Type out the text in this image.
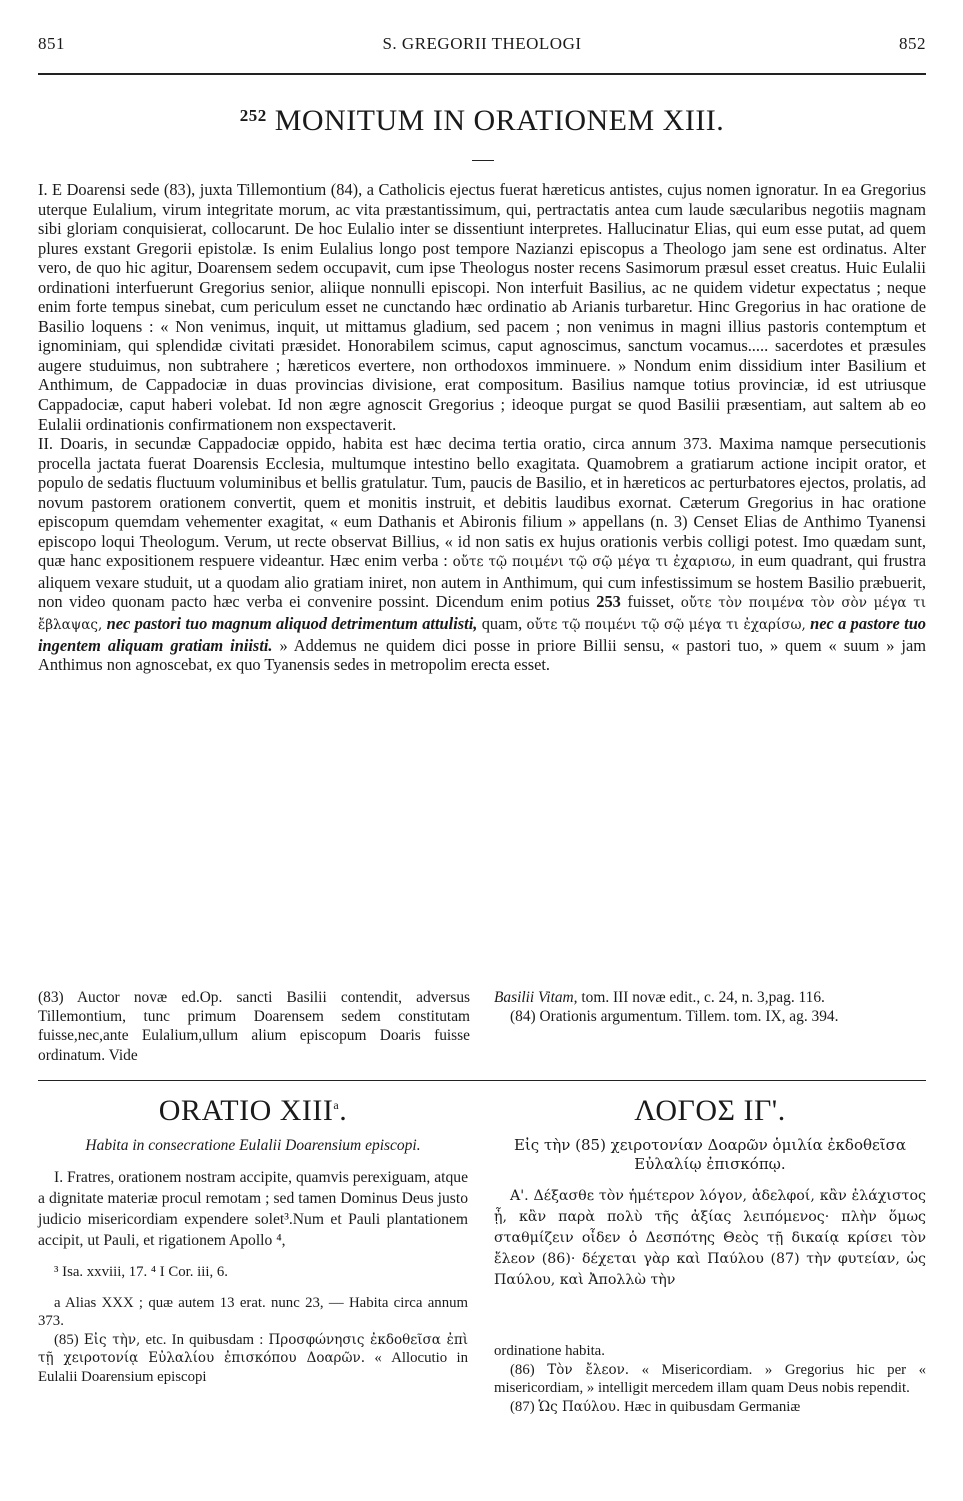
851	S. GREGORII THEOLOGI	852
$^{252}$ MONITUM IN ORATIONEM XIII.

I. E Doarensi sede (83), juxta Tillemontium (84), a Catholicis ejectus fuerat hæreticus antistes, cujus nomen ignoratur. In ea Gregorius uterque Eulalium, virum integritate morum, ac vita præstantissimum, qui, pertractatis antea cum laude sæcularibus negotiis magnam sibi gloriam conquisierat, collocarunt. De hoc Eulalio inter se dissentiunt interpretes. Hallucinatur Elias, qui eum esse putat, ad quem plures exstant Gregorii epistolæ. Is enim Eulalius longo post tempore Nazianzi episcopus a Theologo jam sene est ordinatus. Alter vero, de quo hic agitur, Doarensem sedem occupavit, cum ipse Theologus noster recens Sasimorum præsul esset creatus. Huic Eulalii ordinationi interfuerunt Gregorius senior, aliique nonnulli episcopi. Non interfuit Basilius, ac ne quidem videtur expectatus ; neque enim forte tempus sinebat, cum periculum esset ne cunctando hæc ordinatio ab Arianis turbaretur. Hinc Gregorius in hac oratione de Basilio loquens : « Non venimus, inquit, ut mittamus gladium, sed pacem ; non venimus in magni illius pastoris contemptum et ignominiam, qui splendidæ civitati præsidet. Honorabilem scimus, caput agnoscimus, sanctum vocamus..... sacerdotes et præsules augere studuimus, non subtrahere ; hæreticos evertere, non orthodoxos imminuere. » Nondum enim dissidium inter Basilium et Anthimum, de Cappadociæ in duas provincias divisione, erat compositum. Basilius namque totius provinciæ, id est utriusque Cappadociæ, caput haberi volebat. Id non ægre agnoscit Gregorius ; ideoque purgat se quod Basilii præsentiam, aut saltem ab eo Eulalii ordinationis confirmationem non exspectaverit.

II. Doaris, in secundæ Cappadociæ oppido, habita est hæc decima tertia oratio, circa annum 373. Maxima namque persecutionis procella jactata fuerat Doarensis Ecclesia, multumque intestino bello exagitata. Quamobrem a gratiarum actione incipit orator, et populo de sedatis fluctuum voluminibus et bellis gratulatur. Tum, paucis de Basilio, et in hæreticos ac perturbatores ejectos, prolatis, ad novum pastorem orationem convertit, quem et monitis instruit, et debitis laudibus exornat. Cæterum Gregorius in hac oratione episcopum quemdam vehementer exagitat, « eum Dathanis et Abironis filium » appellans (n. 3) Censet Elias de Anthimo Tyanensi episcopo loqui Theologum. Verum, ut recte observat Billius, « id non satis ex hujus orationis verbis colligi potest. Imo quædam sunt, quæ hanc expositionem respuere videantur. Hæc enim verba : οὔτε τῷ ποιμένι τῷ σῷ μέγα τι ἐχαρισω, in eum quadrant, qui frustra aliquem vexare studuit, ut a quodam alio gratiam iniret, non autem in Anthimum, qui cum infestissimum se hostem Basilio præbuerit, non video quonam pacto hæc verba ei convenire possint. Dicendum enim potius 253 fuisset, οὔτε τὸν ποιμένα τὸν σὸν μέγα τι ἔβλαψας, nec pastori tuo magnum aliquod detrimentum attulisti, quam, οὔτε τῷ ποιμένι τῷ σῷ μέγα τι ἐχαρίσω, nec a pastore tuo ingentem aliquam gratiam iniisti. » Addemus ne quidem dici posse in priore Billii sensu, « pastori tuo, » quem « suum » jam Anthimus non agnoscebat, ex quo Tyanensis sedes in metropolim erecta esset.

(83) Auctor novæ ed.Op. sancti Basilii contendit, adversus Tillemontium, tunc primum Doarensem sedem constitutam fuisse,nec,ante Eulalium,ullum alium episcopum Doaris fuisse ordinatum. Vide

Basilii Vitam, tom. III novæ edit., c. 24, n. 3,pag. 116.

(84) Orationis argumentum. Tillem. tom. IX, ag. 394.

ORATIO XIII$^a$.
Habita in consecratione Eulalii Doarensium episcopi.
I. Fratres, orationem nostram accipite, quamvis perexiguam, atque a dignitate materiæ procul remotam ; sed tamen Dominus Deus justo judicio misericordiam expendere solet³.Num et Pauli plantationem accipit, ut Pauli, et rigationem Apollo ⁴,
³ Isa. xxviii, 17. ⁴ I Cor. iii, 6.
a Alias XXX ; quæ autem 13 erat. nunc 23, — Habita circa annum 373.
(85) Εἰς τὴν, etc. In quibusdam : Προσφώνησις ἐκδοθεῖσα ἐπὶ τῇ χειροτονίᾳ Εὐλαλίου ἐπισκόπου Δοαρῶν. « Allocutio in Eulalii Doarensium episcopi
ΛΟΓΟΣ ΙΓ'.
Εἰς τὴν (85) χειροτονίαν Δοαρῶν ὁμιλία ἐκδοθεῖσα Εὐλαλίῳ ἐπισκόπῳ.
Α'. Δέξασθε τὸν ἡμέτερον λόγον, ἀδελφοί, κἂν ἐλάχιστος ᾖ, κἂν παρὰ πολὺ τῆς ἀξίας λειπόμενος· πλὴν ὅμως σταθμίζειν οἶδεν ὁ Δεσπότης Θεὸς τῇ δικαίᾳ κρίσει τὸν ἔλεον (86)· δέχεται γὰρ καὶ Παύλου (87) τὴν φυτείαν, ὡς Παύλου, καὶ Ἀπολλὼ τὴν

ordinatione habita.

(86) Τὸν ἔλεον. « Misericordiam. » Gregorius hic per « misericordiam, » intelligit mercedem illam quam Deus nobis rependit.

(87) Ὡς Παύλου. Hæc in quibusdam Germaniæ
